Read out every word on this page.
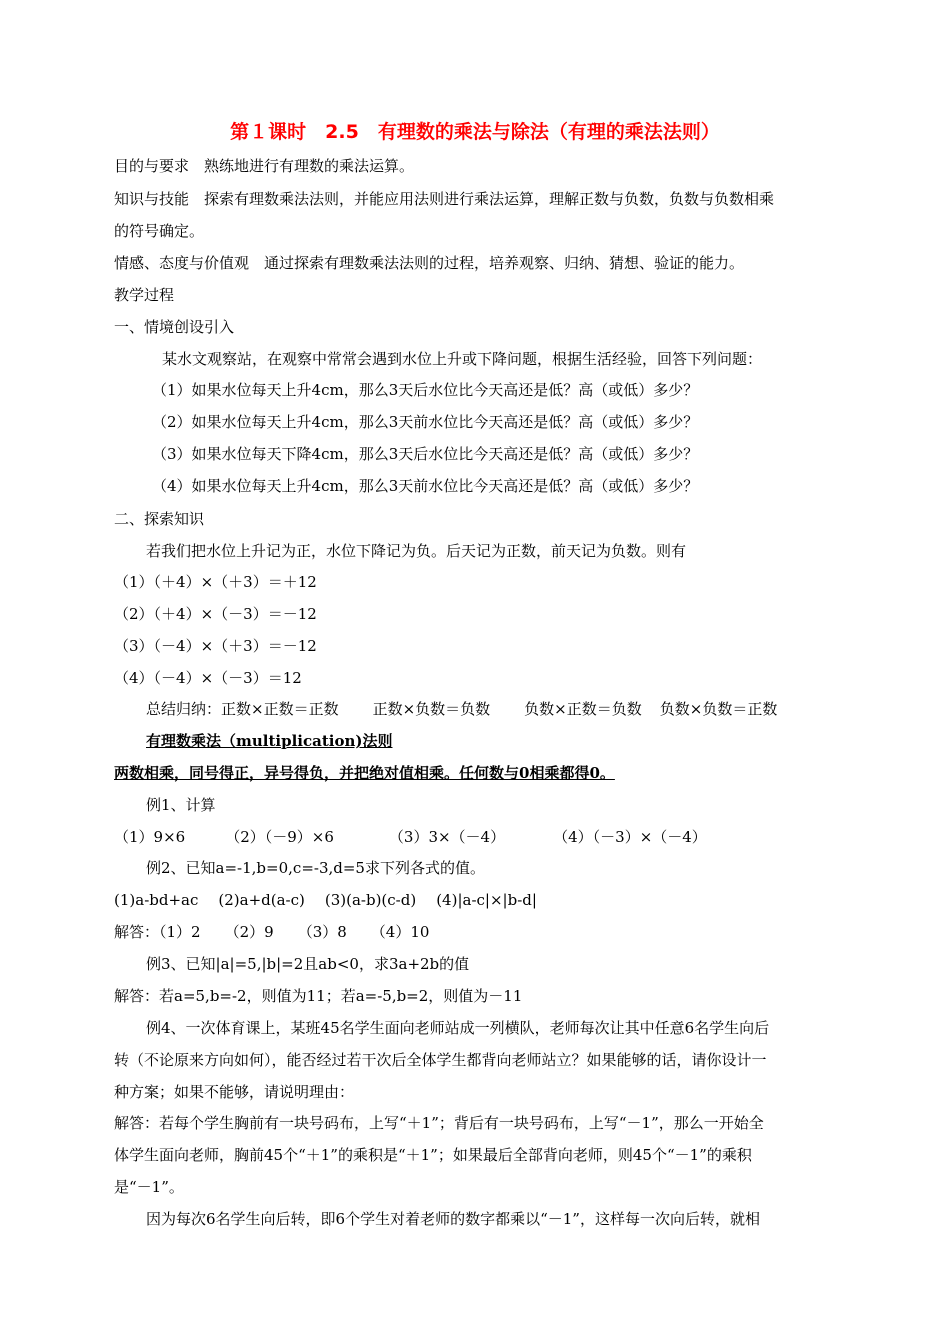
第１课时　2.5　有理数的乘法与除法（有理的乘法法则）
目的与要求　熟练地进行有理数的乘法运算。
知识与技能　探索有理数乘法法则，并能应用法则进行乘法运算，理解正数与负数，负数与负数相乘
的符号确定。
情感、态度与价值观　通过探索有理数乘法法则的过程，培养观察、归纳、猜想、验证的能力。
教学过程
一、情境创设引入
某水文观察站，在观察中常常会遇到水位上升或下降问题，根据生活经验，回答下列问题：
（1）如果水位每天上升4cm，那么3天后水位比今天高还是低？高（或低）多少？
（2）如果水位每天上升4cm，那么3天前水位比今天高还是低？高（或低）多少？
（3）如果水位每天下降4cm，那么3天后水位比今天高还是低？高（或低）多少？
（4）如果水位每天上升4cm，那么3天前水位比今天高还是低？高（或低）多少？
二、探索知识
若我们把水位上升记为正，水位下降记为负。后天记为正数，前天记为负数。则有
（1）（＋4）×（＋3）＝＋12
（2）（＋4）×（－3）＝－12
（3）（－4）×（＋3）＝－12
（4）（－4）×（－3）＝12
总结归纳：正数×正数＝正数 正数×负数＝负数 负数×正数＝负数 负数×负数＝正数
有理数乘法（multiplication)法则
两数相乘，同号得正，异号得负，并把绝对值相乘。任何数与0相乘都得0。
例1、计算
（1）9×6	（2）（－9）×6	（3）3×（－4）	（4）（－3）×（－4）
例2、已知a=-1,b=0,c=-3,d=5求下列各式的值。
(1)a-bd+ac (2)a+d(a-c) (3)(a-b)(c-d) (4)|a-c|×|b-d|
解答：（1）2 （2）9 （3）8 （4）10
例3、已知|a|=5,|b|=2且ab<0，求3a+2b的值
解答：若a=5,b=-2，则值为11；若a=-5,b=2，则值为－11
例4、一次体育课上，某班45名学生面向老师站成一列横队，老师每次让其中任意6名学生向后
转（不论原来方向如何），能否经过若干次后全体学生都背向老师站立？如果能够的话，请你设计一
种方案；如果不能够，请说明理由：
解答：若每个学生胸前有一块号码布，上写“＋1”；背后有一块号码布，上写“－1”，那么一开始全
体学生面向老师，胸前45个“＋1”的乘积是“＋1”；如果最后全部背向老师，则45个“－1”的乘积
是“－1”。
因为每次6名学生向后转，即6个学生对着老师的数字都乘以“－1”，这样每一次向后转，就相
